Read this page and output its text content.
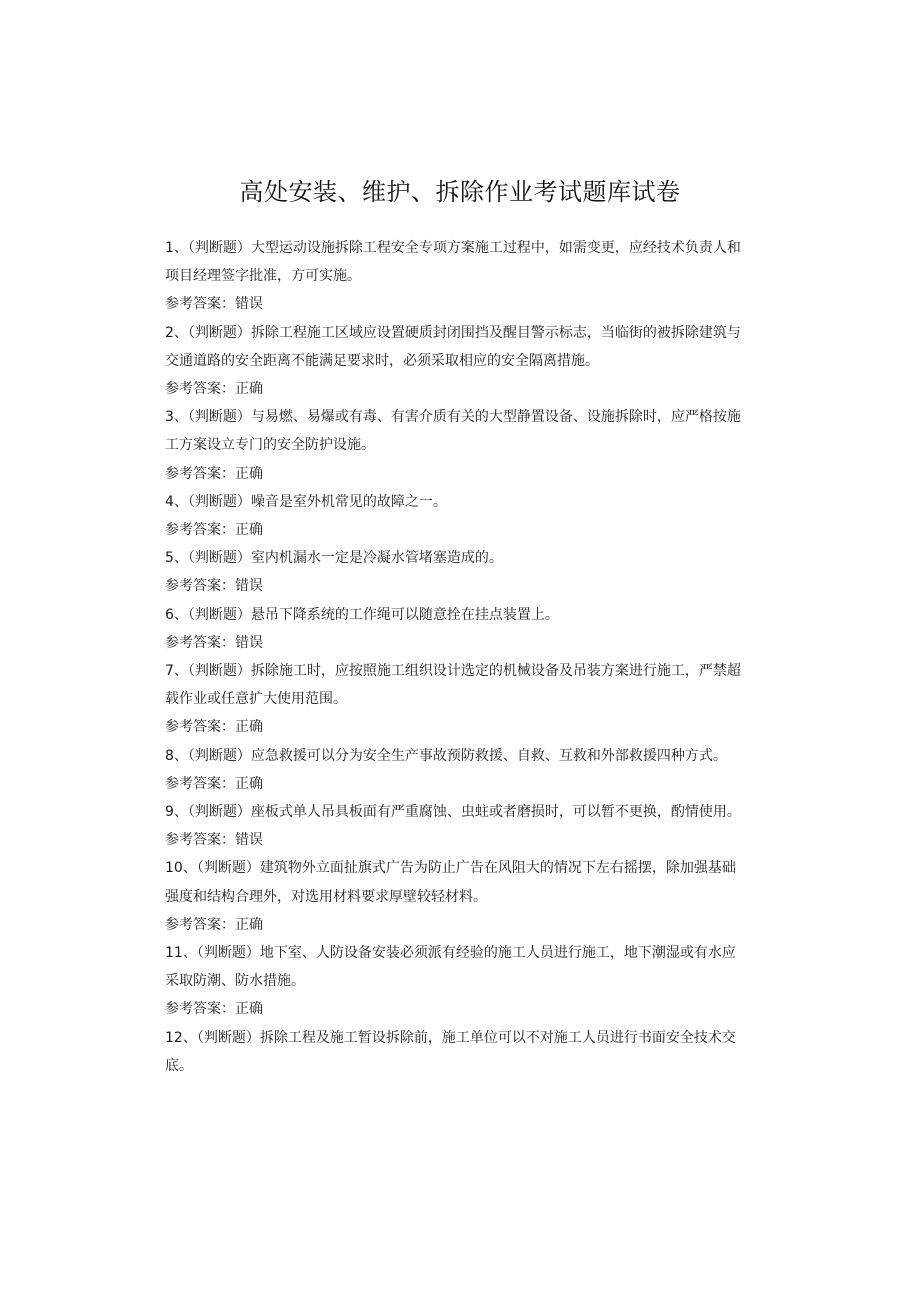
高处安装、维护、拆除作业考试题库试卷
1、（判断题）大型运动设施拆除工程安全专项方案施工过程中，如需变更，应经技术负责人和项目经理签字批准，方可实施。
参考答案：错误
2、（判断题）拆除工程施工区域应设置硬质封闭围挡及醒目警示标志，当临街的被拆除建筑与交通道路的安全距离不能满足要求时，必须采取相应的安全隔离措施。
参考答案：正确
3、（判断题）与易燃、易爆或有毒、有害介质有关的大型静置设备、设施拆除时，应严格按施工方案设立专门的安全防护设施。
参考答案：正确
4、（判断题）噪音是室外机常见的故障之一。
参考答案：正确
5、（判断题）室内机漏水一定是冷凝水管堵塞造成的。
参考答案：错误
6、（判断题）悬吊下降系统的工作绳可以随意拴在挂点装置上。
参考答案：错误
7、（判断题）拆除施工时，应按照施工组织设计选定的机械设备及吊装方案进行施工，严禁超载作业或任意扩大使用范围。
参考答案：正确
8、（判断题）应急救援可以分为安全生产事故预防救援、自救、互救和外部救援四种方式。
参考答案：正确
9、（判断题）座板式单人吊具板面有严重腐蚀、虫蛀或者磨损时，可以暂不更换，酌情使用。
参考答案：错误
10、（判断题）建筑物外立面扯旗式广告为防止广告在风阻大的情况下左右摇摆，除加强基础强度和结构合理外，对选用材料要求厚壁较轻材料。
参考答案：正确
11、（判断题）地下室、人防设备安装必须派有经验的施工人员进行施工，地下潮湿或有水应采取防潮、防水措施。
参考答案：正确
12、（判断题）拆除工程及施工暂设拆除前，施工单位可以不对施工人员进行书面安全技术交底。
